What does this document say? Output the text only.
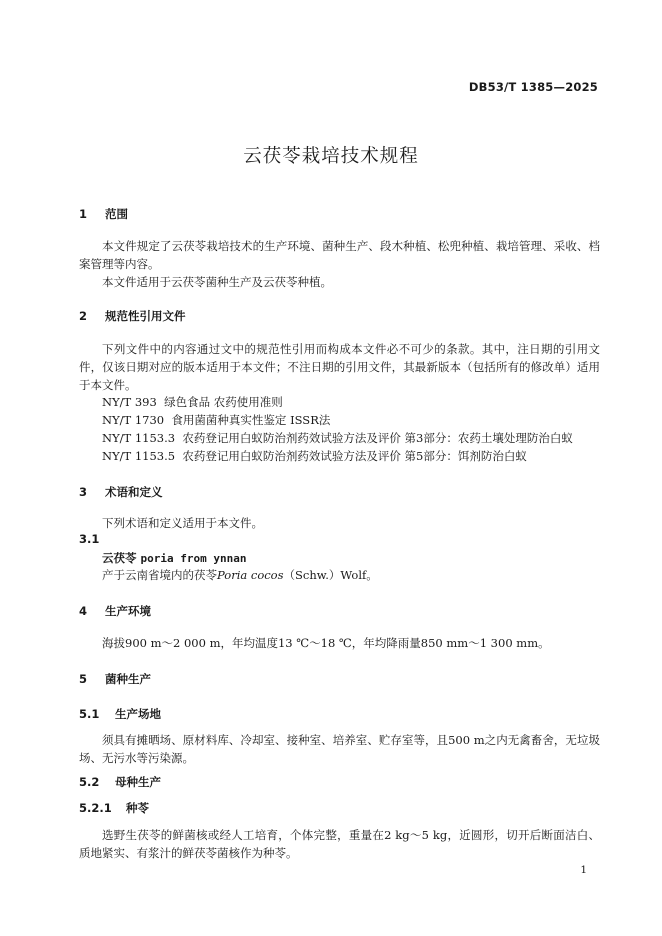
DB53/T 1385—2025
云茯苓栽培技术规程
1 范围
本文件规定了云茯苓栽培技术的生产环境、菌种生产、段木种植、松兜种植、栽培管理、采收、档案管理等内容。
本文件适用于云茯苓菌种生产及云茯苓种植。
2 规范性引用文件
下列文件中的内容通过文中的规范性引用而构成本文件必不可少的条款。其中，注日期的引用文件，仅该日期对应的版本适用于本文件；不注日期的引用文件，其最新版本（包括所有的修改单）适用于本文件。
NY/T 393 绿色食品 农药使用准则
NY/T 1730 食用菌菌种真实性鉴定 ISSR法
NY/T 1153.3 农药登记用白蚁防治剂药效试验方法及评价 第3部分：农药土壤处理防治白蚁
NY/T 1153.5 农药登记用白蚁防治剂药效试验方法及评价 第5部分：饵剂防治白蚁
3 术语和定义
下列术语和定义适用于本文件。
3.1
云茯苓 poria from ynnan
产于云南省境内的茯苓Poria cocos（Schw.）Wolf。
4 生产环境
海拔900 m～2 000 m，年均温度13 ℃～18 ℃，年均降雨量850 mm～1 300 mm。
5 菌种生产
5.1 生产场地
须具有摊晒场、原材料库、冷却室、接种室、培养室、贮存室等，且500 m之内无禽畜舍，无垃圾场、无污水等污染源。
5.2 母种生产
5.2.1 种苓
选野生茯苓的鲜菌核或经人工培育，个体完整，重量在2 kg～5 kg，近圆形，切开后断面洁白、质地紧实、有浆汁的鲜茯苓菌核作为种苓。
1
